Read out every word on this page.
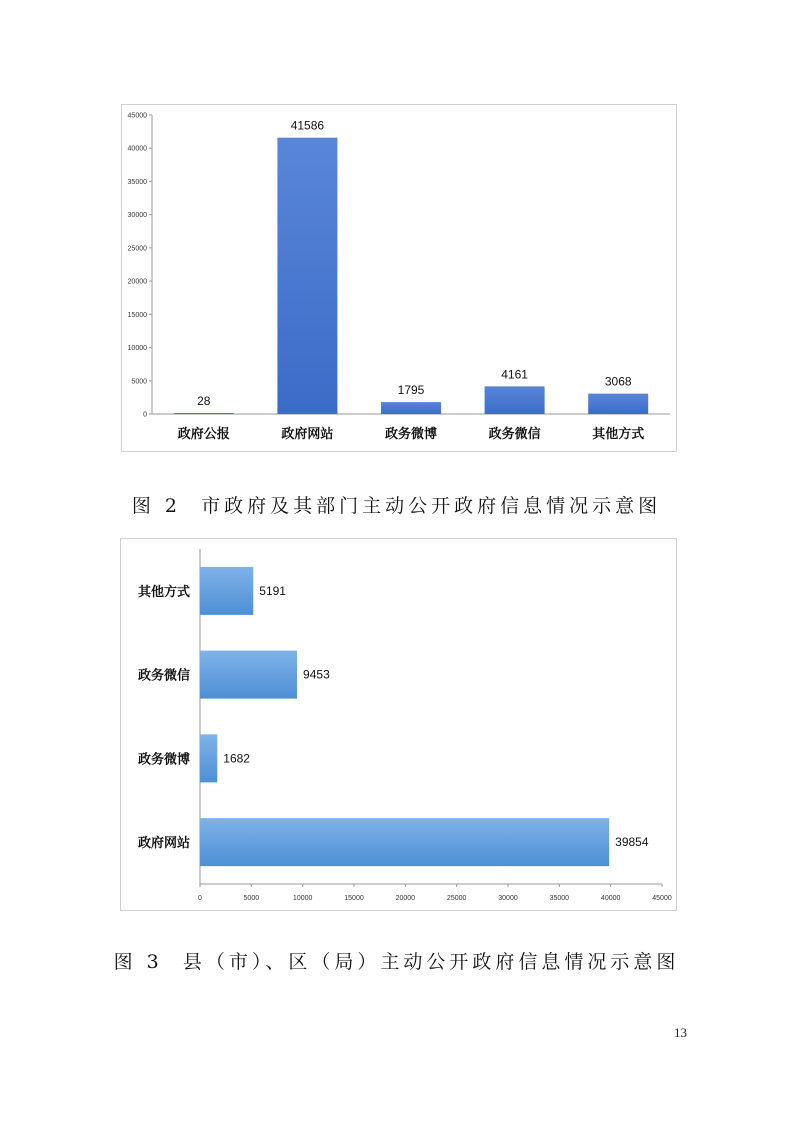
0
5000
10000
15000
20000
25000
30000
35000
40000
45000
28
政府公报
41586
政府网站
1795
政务微博
4161
政务微信
3068
其他方式
图 2  市政府及其部门主动公开政府信息情况示意图
0	5000	10000	15000	20000	25000	30000	35000	40000	45000
5191
其他方式
9453
政务微信
1682
政务微博
39854
政府网站
图 3  县（市）、区（局）主动公开政府信息情况示意图
13
